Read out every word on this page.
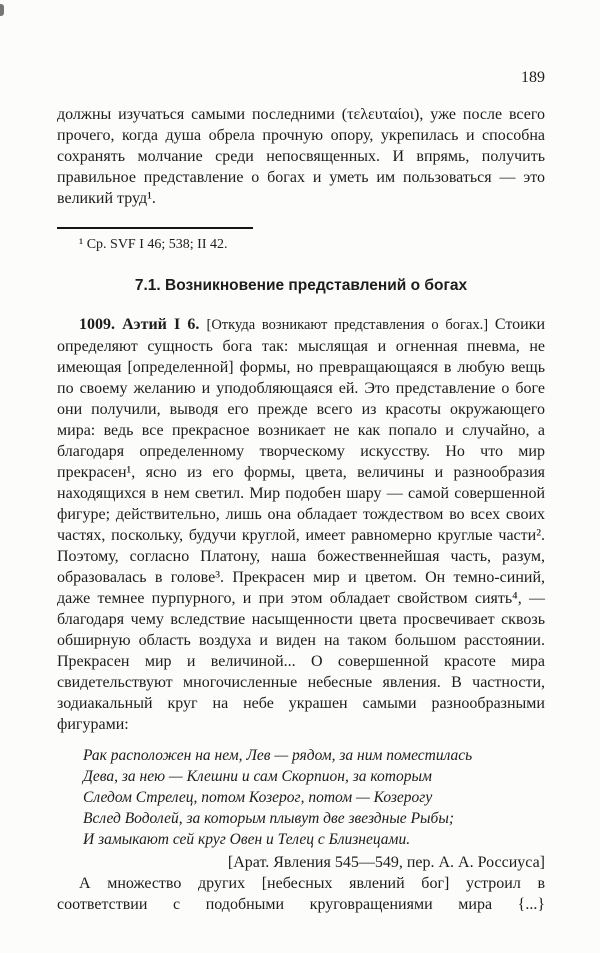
189

должны изучаться самыми последними (τελευταίοι), уже после всего прочего, когда душа обрела прочную опору, укрепилась и способна сохранять молчание среди непосвященных. И впрямь, получить правильное представление о богах и уметь им пользоваться — это великий труд¹.

¹ Ср. SVF I 46; 538; II 42.

7.1. Возникновение представлений о богах

1009. Аэтий I 6. [Откуда возникают представления о богах.] Стоики определяют сущность бога так: мыслящая и огненная пневма, не имеющая [определенной] формы, но превращающаяся в любую вещь по своему желанию и уподобляющаяся ей. Это представление о боге они получили, выводя его прежде всего из красоты окружающего мира: ведь все прекрасное возникает не как попало и случайно, а благодаря определенному творческому искусству. Но что мир прекрасен¹, ясно из его формы, цвета, величины и разнообразия находящихся в нем светил. Мир подобен шару — самой совершенной фигуре; действительно, лишь она обладает тождеством во всех своих частях, поскольку, будучи круглой, имеет равномерно круглые части². Поэтому, согласно Платону, наша божественнейшая часть, разум, образовалась в голове³. Прекрасен мир и цветом. Он темно-синий, даже темнее пурпурного, и при этом обладает свойством сиять⁴, — благодаря чему вследствие насыщенности цвета просвечивает сквозь обширную область воздуха и виден на таком большом расстоянии. Прекрасен мир и величиной... О совершенной красоте мира свидетельствуют многочисленные небесные явления. В частности, зодиакальный круг на небе украшен самыми разнообразными фигурами:

Рак расположен на нем, Лев — рядом, за ним поместилась
Дева, за нею — Клешни и сам Скорпион, за которым
Следом Стрелец, потом Козерог, потом — Козерогу
Вслед Водолей, за которым плывут две звездные Рыбы;
И замыкают сей круг Овен и Телец с Близнецами.

[Арат. Явления 545—549, пер. А. А. Россиуса]

А множество других [небесных явлений бог] устроил в соответствии с подобными круговращениями мира {...}
